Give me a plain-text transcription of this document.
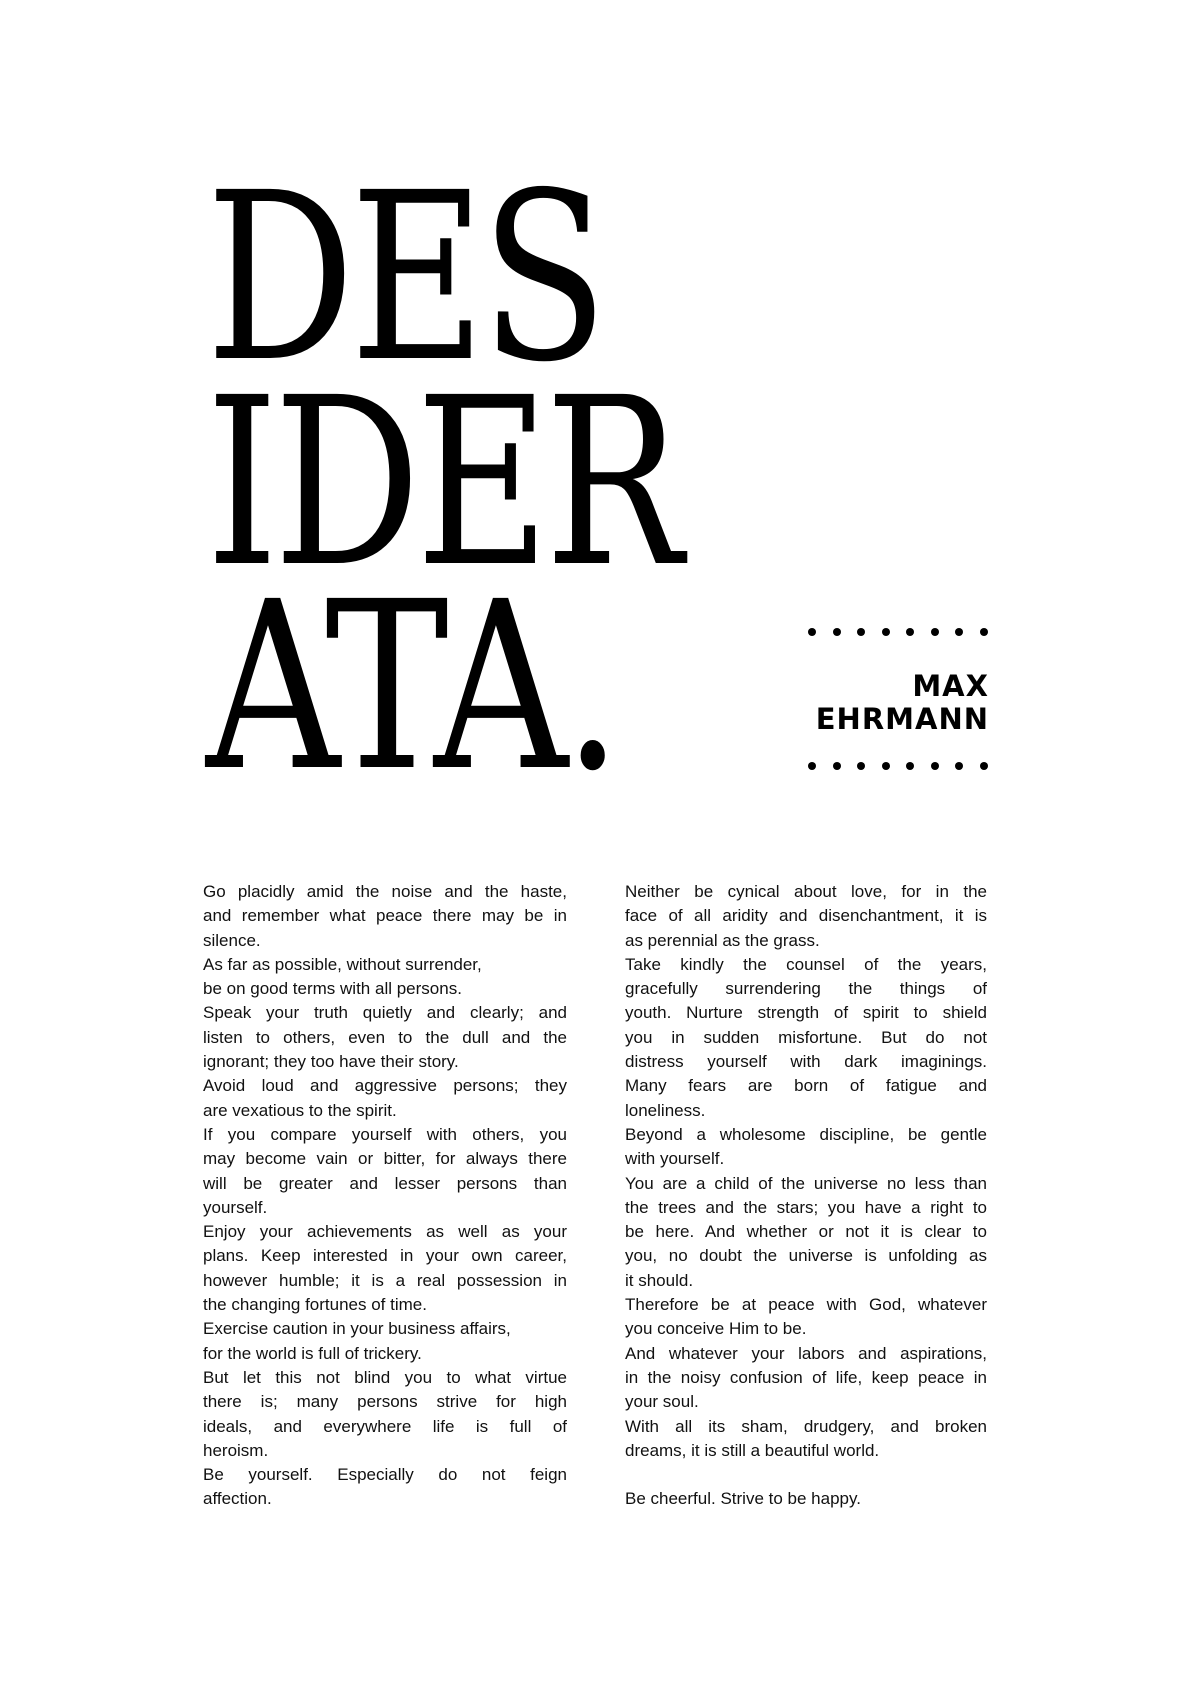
DES
IDER
ATA.	MAX
EHRMANN
Go placidly amid the noise and the haste,
and remember what peace there may be in
silence.
As far as possible, without surrender,
be on good terms with all persons.
Speak your truth quietly and clearly; and
listen to others, even to the dull and the
ignorant; they too have their story.
Avoid loud and aggressive persons; they
are vexatious to the spirit.
If you compare yourself with others, you
may become vain or bitter, for always there
will be greater and lesser persons than
yourself.
Enjoy your achievements as well as your
plans. Keep interested in your own career,
however humble; it is a real possession in
the changing fortunes of time.
Exercise caution in your business affairs,
for the world is full of trickery.
But let this not blind you to what virtue
there is; many persons strive for high
ideals, and everywhere life is full of
heroism.
Be yourself. Especially do not feign
affection.
Neither be cynical about love, for in the
face of all aridity and disenchantment, it is
as perennial as the grass.
Take kindly the counsel of the years,
gracefully surrendering the things of
youth. Nurture strength of spirit to shield
you in sudden misfortune. But do not
distress yourself with dark imaginings.
Many fears are born of fatigue and
loneliness.
Beyond a wholesome discipline, be gentle
with yourself.
You are a child of the universe no less than
the trees and the stars; you have a right to
be here. And whether or not it is clear to
you, no doubt the universe is unfolding as
it should.
Therefore be at peace with God, whatever
you conceive Him to be.
And whatever your labors and aspirations,
in the noisy confusion of life, keep peace in
your soul.
With all its sham, drudgery, and broken
dreams, it is still a beautiful world.
Be cheerful. Strive to be happy.
